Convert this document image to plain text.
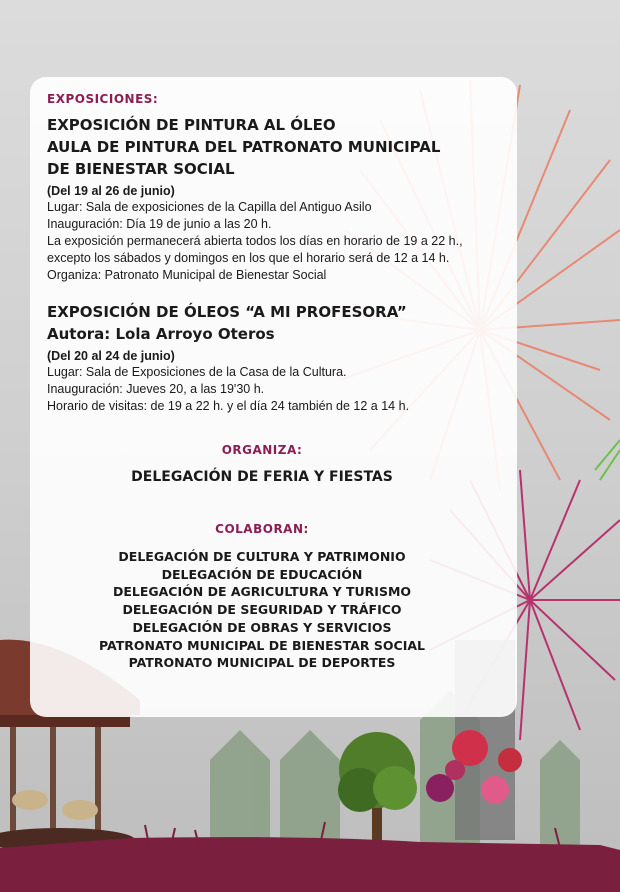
EXPOSICIONES:
EXPOSICIÓN DE PINTURA AL ÓLEO
AULA DE PINTURA DEL PATRONATO MUNICIPAL
DE BIENESTAR SOCIAL
(Del 19 al 26 de junio)
Lugar: Sala de exposiciones de la Capilla del Antiguo Asilo
Inauguración: Día 19 de junio a las 20 h.
La exposición permanecerá abierta todos los días en horario de 19 a 22 h.,
excepto los sábados y domingos en los que el horario será de 12 a 14 h.
Organiza: Patronato Municipal de Bienestar Social
EXPOSICIÓN DE ÓLEOS “A MI PROFESORA”
Autora: Lola Arroyo Oteros
(Del 20 al 24 de junio)
Lugar: Sala de Exposiciones de la Casa de la Cultura.
Inauguración: Jueves 20, a las 19'30 h.
Horario de visitas: de 19 a 22 h. y el día 24 también de 12 a 14 h.
ORGANIZA:
DELEGACIÓN DE FERIA Y FIESTAS
COLABORAN:
DELEGACIÓN DE CULTURA Y PATRIMONIO
DELEGACIÓN DE EDUCACIÓN
DELEGACIÓN DE AGRICULTURA Y TURISMO
DELEGACIÓN DE SEGURIDAD Y TRÁFICO
DELEGACIÓN DE OBRAS Y SERVICIOS
PATRONATO MUNICIPAL DE BIENESTAR SOCIAL
PATRONATO MUNICIPAL DE DEPORTES
